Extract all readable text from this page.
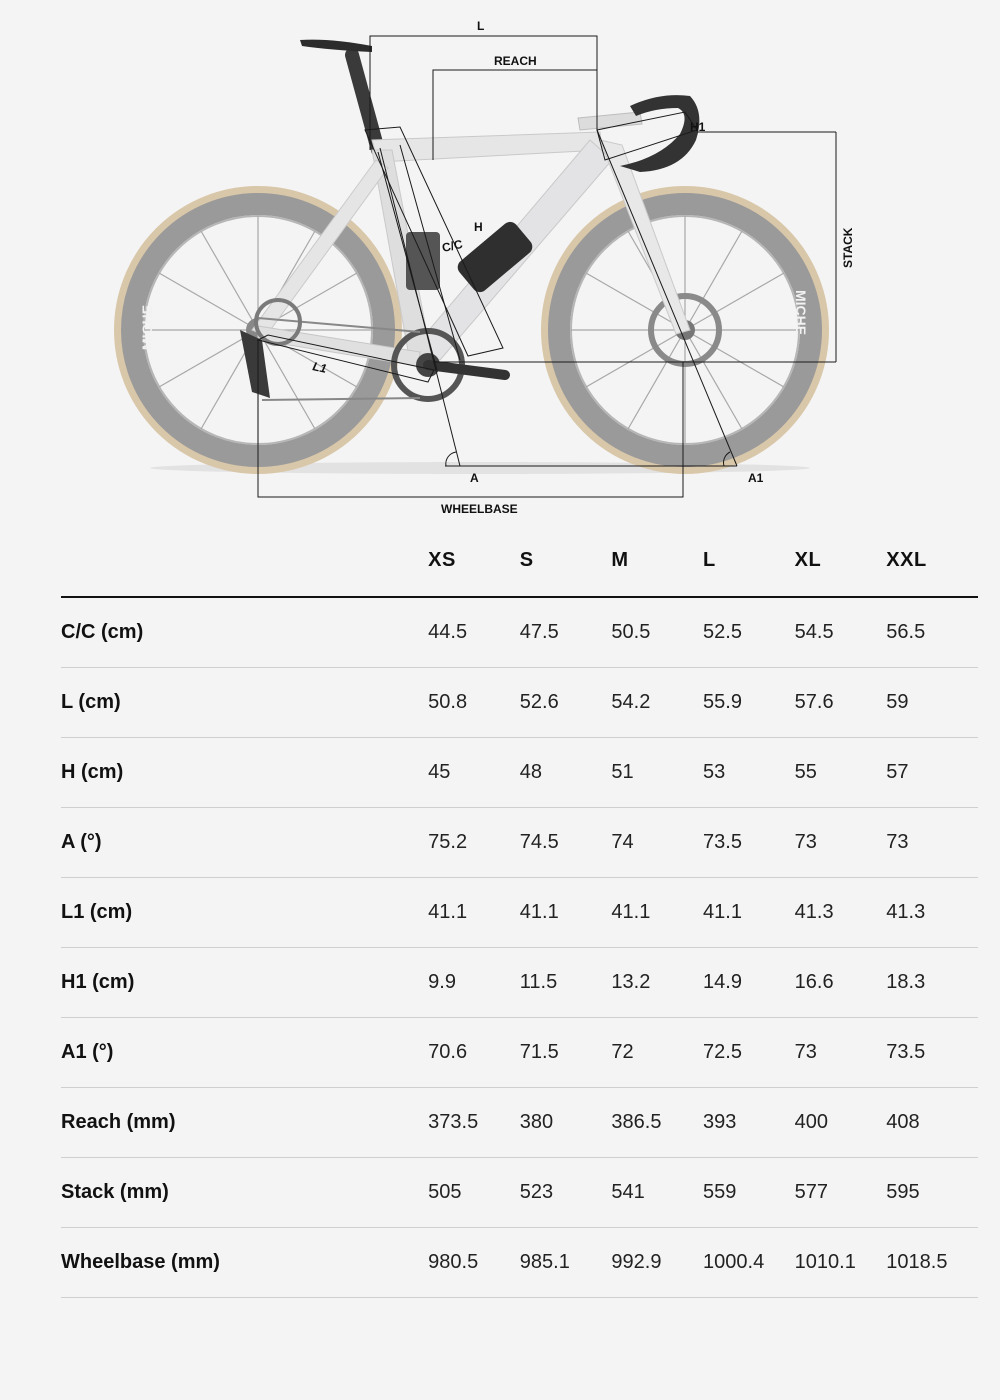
MICHE	MICHE
L
REACH
H1
STACK
H
C/C
L1
A	A1
WHEELBASE
	XS	S	M	L	XL	XXL
C/C (cm)	44.5	47.5	50.5	52.5	54.5	56.5
L (cm)	50.8	52.6	54.2	55.9	57.6	59
H (cm)	45	48	51	53	55	57
A (°)	75.2	74.5	74	73.5	73	73
L1 (cm)	41.1	41.1	41.1	41.1	41.3	41.3
H1 (cm)	9.9	11.5	13.2	14.9	16.6	18.3
A1 (°)	70.6	71.5	72	72.5	73	73.5
Reach (mm)	373.5	380	386.5	393	400	408
Stack (mm)	505	523	541	559	577	595
Wheelbase (mm)	980.5	985.1	992.9	1000.4	1010.1	1018.5
